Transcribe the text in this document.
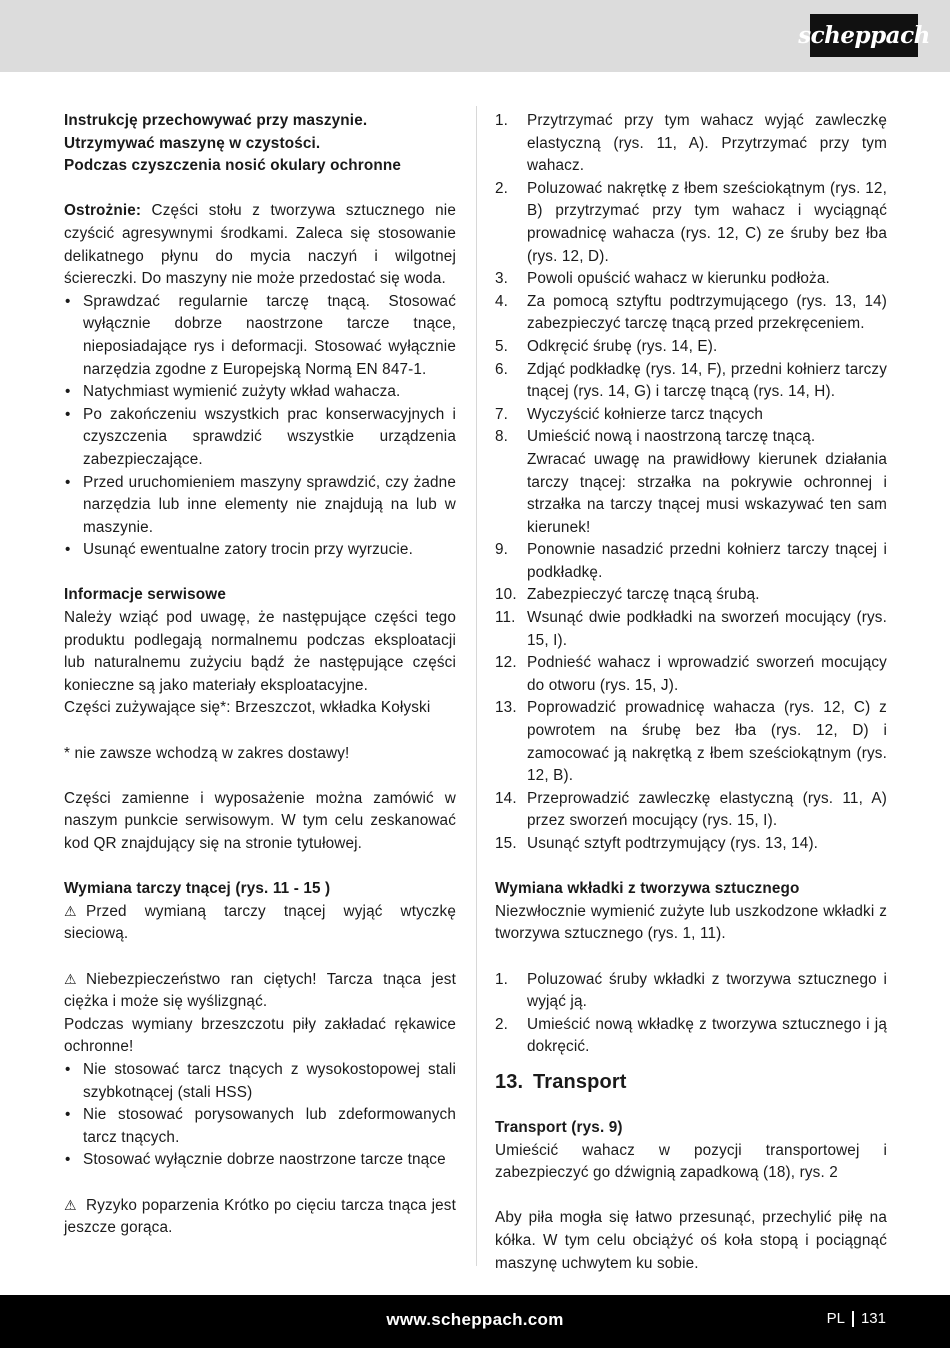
scheppach

Instrukcję przechowywać przy maszynie.

Utrzymywać maszynę w czystości.

Podczas czyszczenia nosić okulary ochronne

Ostrożnie: Części stołu z tworzywa sztucznego nie czyścić agresywnymi środkami. Zaleca się stosowanie delikatnego płynu do mycia naczyń i wilgotnej ściereczki. Do maszyny nie może przedostać się woda.

• Sprawdzać regularnie tarczę tnącą. Stosować wyłącznie dobrze naostrzone tarcze tnące, nieposiadające rys i deformacji. Stosować wyłącznie narzędzia zgodne z Europejską Normą EN 847-1.
• Natychmiast wymienić zużyty wkład wahacza.
• Po zakończeniu wszystkich prac konserwacyjnych i czyszczenia sprawdzić wszystkie urządzenia zabezpieczające.
• Przed uruchomieniem maszyny sprawdzić, czy żadne narzędzia lub inne elementy nie znajdują na lub w maszynie.
• Usunąć ewentualne zatory trocin przy wyrzucie.

Informacje serwisowe

Należy wziąć pod uwagę, że następujące części tego produktu podlegają normalnemu podczas eksploatacji lub naturalnemu zużyciu bądź że następujące części konieczne są jako materiały eksploatacyjne.

Części zużywające się*: Brzeszczot, wkładka Kołyski

* nie zawsze wchodzą w zakres dostawy!

Części zamienne i wyposażenie można zamówić w naszym punkcie serwisowym. W tym celu zeskanować kod QR znajdujący się na stronie tytułowej.

Wymiana tarczy tnącej (rys. 11 - 15 )

⚠ Przed wymianą tarczy tnącej wyjąć wtyczkę sieciową.

⚠ Niebezpieczeństwo ran ciętych! Tarcza tnąca jest ciężka i może się wyślizgnąć.

Podczas wymiany brzeszczotu piły zakładać rękawice ochronne!

• Nie stosować tarcz tnących z wysokostopowej stali szybkotnącej (stali HSS)
• Nie stosować porysowanych lub zdeformowanych tarcz tnących.
• Stosować wyłącznie dobrze naostrzone tarcze tnące

⚠ Ryzyko poparzenia Krótko po cięciu tarcza tnąca jest jeszcze gorąca.

1. Przytrzymać przy tym wahacz wyjąć zawleczkę elastyczną (rys. 11, A). Przytrzymać przy tym wahacz.
2. Poluzować nakrętkę z łbem sześciokątnym (rys. 12, B) przytrzymać przy tym wahacz i wyciągnąć prowadnicę wahacza (rys. 12, C) ze śruby bez łba (rys. 12, D).
3. Powoli opuścić wahacz w kierunku podłoża.
4. Za pomocą sztyftu podtrzymującego (rys. 13, 14) zabezpieczyć tarczę tnącą przed przekręceniem.
5. Odkręcić śrubę (rys. 14, E).
6. Zdjąć podkładkę (rys. 14, F), przedni kołnierz tarczy tnącej (rys. 14, G) i tarczę tnącą (rys. 14, H).
7. Wyczyścić kołnierze tarcz tnących
8. Umieścić nową i naostrzoną tarczę tnącą.
Zwracać uwagę na prawidłowy kierunek działania tarczy tnącej: strzałka na pokrywie ochronnej i strzałka na tarczy tnącej musi wskazywać ten sam kierunek!
9. Ponownie nasadzić przedni kołnierz tarczy tnącej i podkładkę.
10. Zabezpieczyć tarczę tnącą śrubą.
11. Wsunąć dwie podkładki na sworzeń mocujący (rys. 15, I).
12. Podnieść wahacz i wprowadzić sworzeń mocujący do otworu (rys. 15, J).
13. Poprowadzić prowadnicę wahacza (rys. 12, C) z powrotem na śrubę bez łba (rys. 12, D) i zamocować ją nakrętką z łbem sześciokątnym (rys. 12, B).
14. Przeprowadzić zawleczkę elastyczną (rys. 11, A) przez sworzeń mocujący (rys. 15, I).
15. Usunąć sztyft podtrzymujący (rys. 13, 14).

Wymiana wkładki z tworzywa sztucznego

Niezwłocznie wymienić zużyte lub uszkodzone wkładki z tworzywa sztucznego (rys. 1, 11).

1. Poluzować śruby wkładki z tworzywa sztucznego i wyjąć ją.
2. Umieścić nową wkładkę z tworzywa sztucznego i ją dokręcić.
13. Transport

Transport (rys. 9)

Umieścić wahacz w pozycji transportowej i zabezpieczyć go dźwignią zapadkową (18), rys. 2

Aby piła mogła się łatwo przesunąć, przechylić piłę na kółka. W tym celu obciążyć oś koła stopą i pociągnąć maszynę uchwytem ku sobie.

www.scheppach.com	PL 131
